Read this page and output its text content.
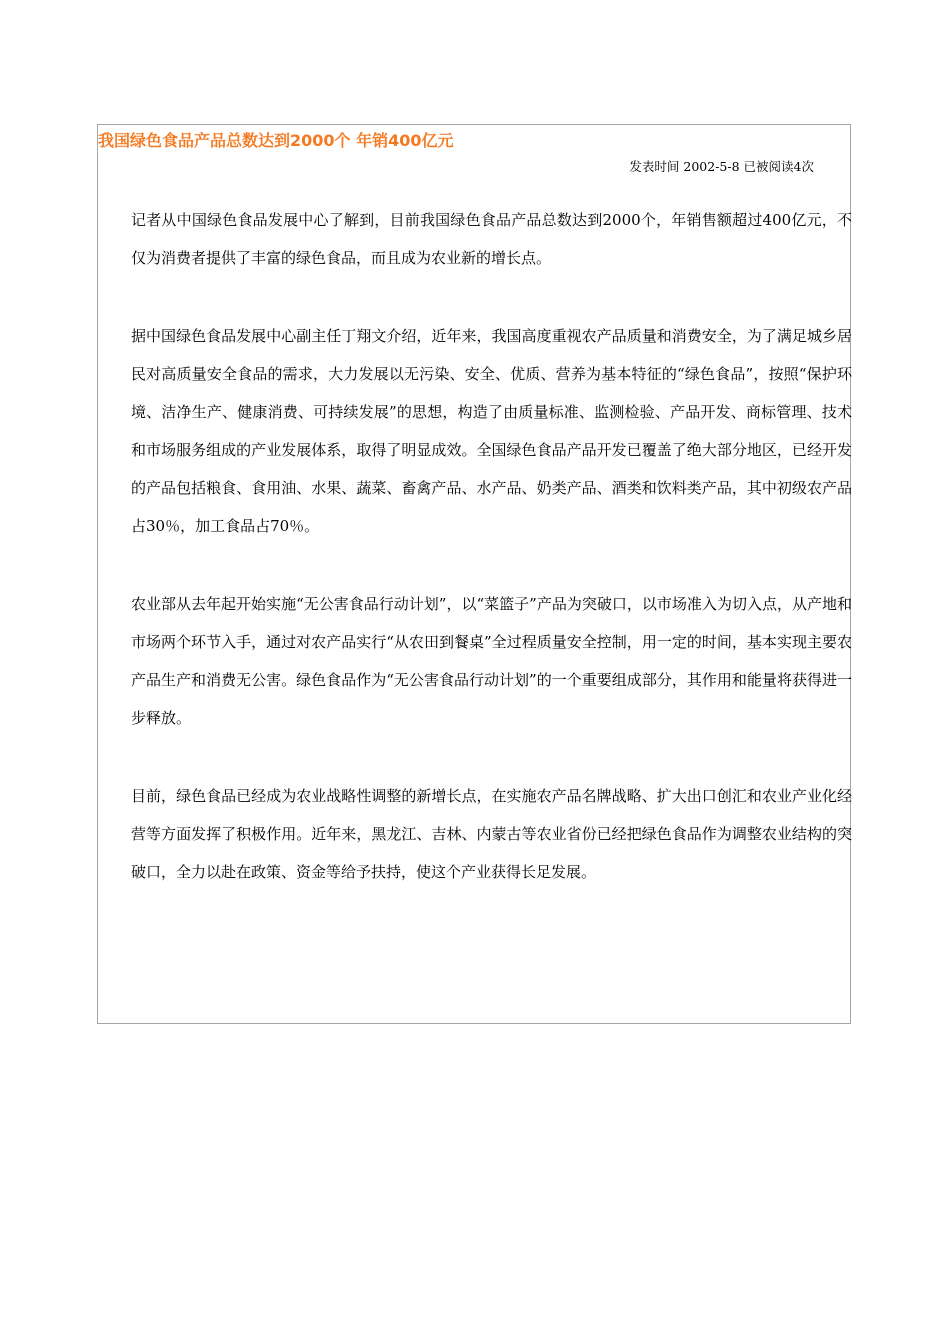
我国绿色食品产品总数达到2000个 年销400亿元
发表时间 2002-5-8 已被阅读4次

记者从中国绿色食品发展中心了解到，目前我国绿色食品产品总数达到2000个，年销售额超过400亿元，不仅为消费者提供了丰富的绿色食品，而且成为农业新的增长点。

据中国绿色食品发展中心副主任丁翔文介绍，近年来，我国高度重视农产品质量和消费安全，为了满足城乡居民对高质量安全食品的需求，大力发展以无污染、安全、优质、营养为基本特征的“绿色食品”，按照“保护环境、洁净生产、健康消费、可持续发展”的思想，构造了由质量标准、监测检验、产品开发、商标管理、技术和市场服务组成的产业发展体系，取得了明显成效。全国绿色食品产品开发已覆盖了绝大部分地区，已经开发的产品包括粮食、食用油、水果、蔬菜、畜禽产品、水产品、奶类产品、酒类和饮料类产品，其中初级农产品占30％，加工食品占70％。

农业部从去年起开始实施“无公害食品行动计划”，以“菜篮子”产品为突破口，以市场准入为切入点，从产地和市场两个环节入手，通过对农产品实行“从农田到餐桌”全过程质量安全控制，用一定的时间，基本实现主要农产品生产和消费无公害。绿色食品作为“无公害食品行动计划”的一个重要组成部分，其作用和能量将获得进一步释放。

目前，绿色食品已经成为农业战略性调整的新增长点，在实施农产品名牌战略、扩大出口创汇和农业产业化经营等方面发挥了积极作用。近年来，黑龙江、吉林、内蒙古等农业省份已经把绿色食品作为调整农业结构的突破口，全力以赴在政策、资金等给予扶持，使这个产业获得长足发展。
